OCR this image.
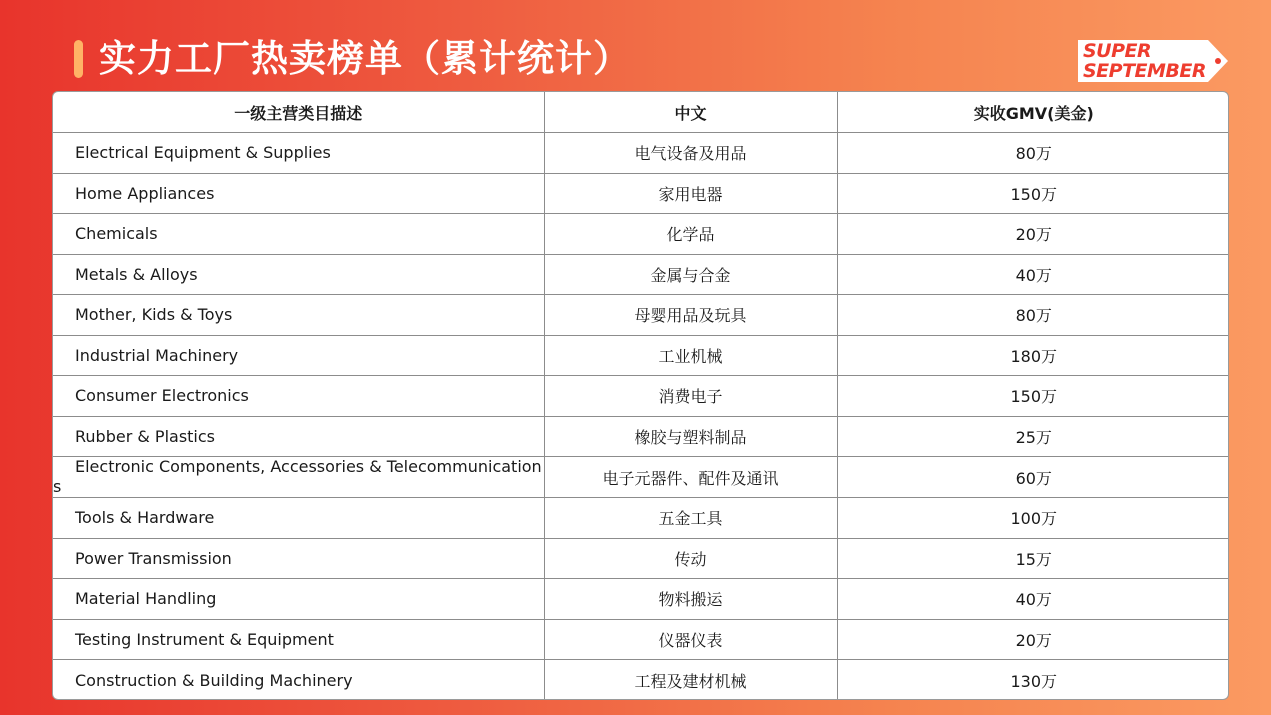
实力工厂热卖榜单（累计统计）	SUPER
SEPTEMBER
一级主营类目描述	中文	实收GMV(美金)
Electrical Equipment & Supplies	电气设备及用品	80万
Home Appliances	家用电器	150万
Chemicals	化学品	20万
Metals & Alloys	金属与合金	40万
Mother, Kids & Toys	母婴用品及玩具	80万
Industrial Machinery	工业机械	180万
Consumer Electronics	消费电子	150万
Rubber & Plastics	橡胶与塑料制品	25万
Electronic Components, Accessories & Telecommunications	电子元器件、配件及通讯	60万
Tools & Hardware	五金工具	100万
Power Transmission	传动	15万
Material Handling	物料搬运	40万
Testing Instrument & Equipment	仪器仪表	20万
Construction & Building Machinery	工程及建材机械	130万
